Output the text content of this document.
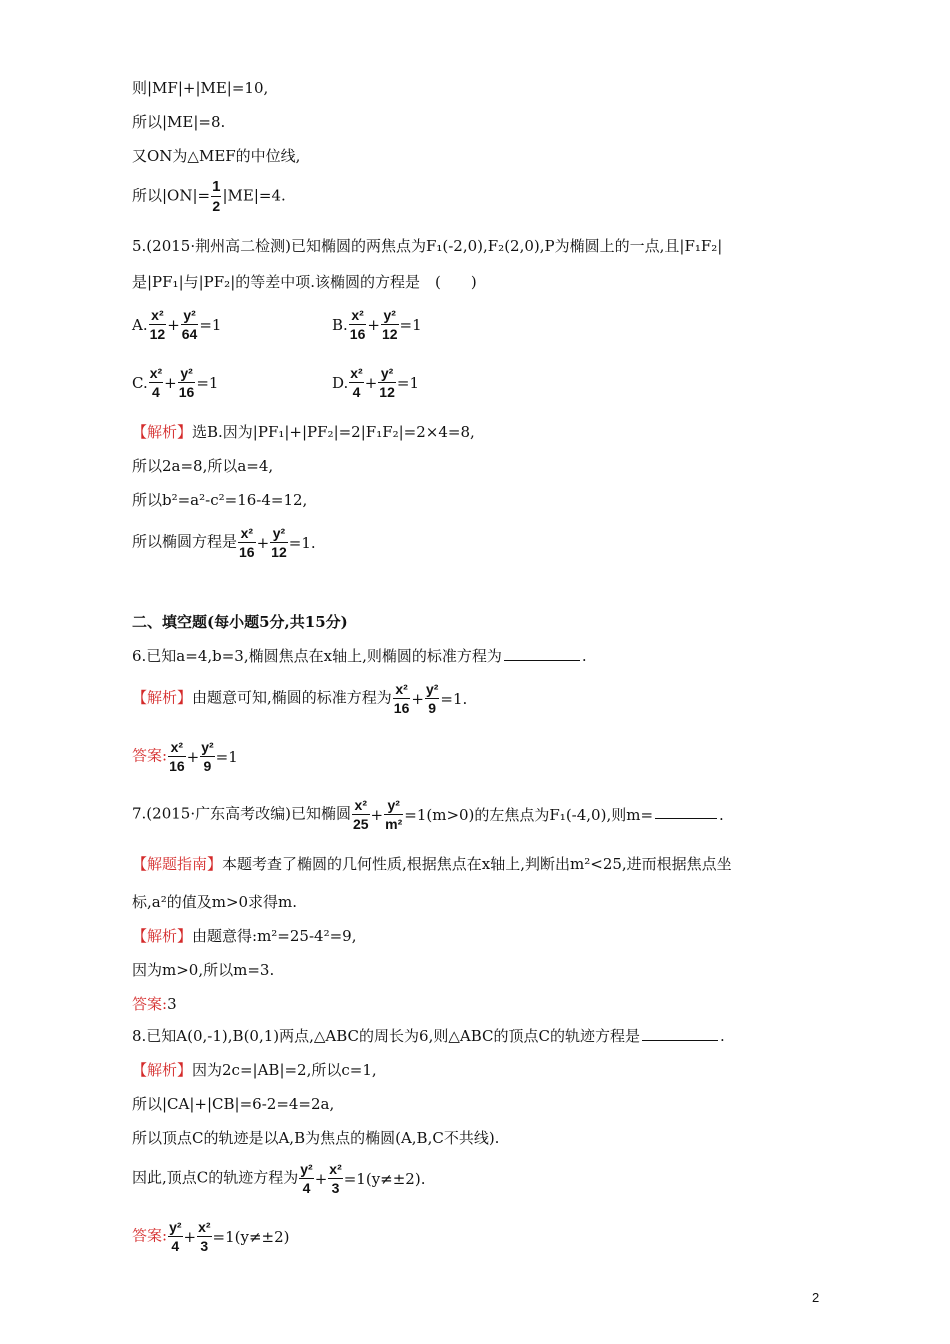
则|MF|+|ME|=10,
所以|ME|=8.
又ON为△MEF的中位线,
所以$|ON|= \frac{1}{2} |ME|=4$.
5.(2015·荆州高二检测)已知椭圆的两焦点为F₁(-2,0),F₂(2,0),P为椭圆上的一点,且|F₁F₂|
是|PF₁|与|PF₂|的等差中项.该椭圆的方程是　(　　)
A. $\frac{\text{x²}}{12} + \frac{\text{y²}}{64} =1$	B. $\frac{\text{x²}}{16} + \frac{\text{y²}}{12} =1$
C. $\frac{\text{x²}}{4} + \frac{\text{y²}}{16} =1$	D. $\frac{\text{x²}}{4} + \frac{\text{y²}}{12} =1$
【解析】选B.因为|PF₁|+|PF₂|=2|F₁F₂|=2×4=8,
所以2a=8,所以a=4,
所以b²=a²-c²=16-4=12,
所以椭圆方程是 $\frac{\text{x²}}{16} + \frac{\text{y²}}{12} =1$.
二、填空题(每小题5分,共15分)
6.已知a=4,b=3,椭圆焦点在x轴上,则椭圆的标准方程为	.
【解析】由题意可知,椭圆的标准方程为 $\frac{\text{x²}}{16} + \frac{\text{y²}}{9} =1$.
答案: $\frac{\text{x²}}{16} + \frac{\text{y²}}{9} =1$
7.(2015·广东高考改编)已知椭圆 $\frac{\text{x²}}{25} + \frac{\text{y²}}{\text{m²}} =1(m>0)$的左焦点为F₁(-4,0),则m=	.
【解题指南】本题考查了椭圆的几何性质,根据焦点在x轴上,判断出m²<25,进而根据焦点坐
标,a²的值及m>0求得m.
【解析】由题意得:m²=25-4²=9,
因为m>0,所以m=3.
答案:3
8.已知A(0,-1),B(0,1)两点,△ABC的周长为6,则△ABC的顶点C的轨迹方程是	.
【解析】因为2c=|AB|=2,所以c=1,
所以|CA|+|CB|=6-2=4=2a,
所以顶点C的轨迹是以A,B为焦点的椭圆(A,B,C不共线).
因此,顶点C的轨迹方程为 $\frac{\text{y²}}{4} + \frac{\text{x²}}{3} =1(y\ne\pm 2)$.
答案: $\frac{\text{y²}}{4} + \frac{\text{x²}}{3} =1(y\ne\pm 2)$
2
